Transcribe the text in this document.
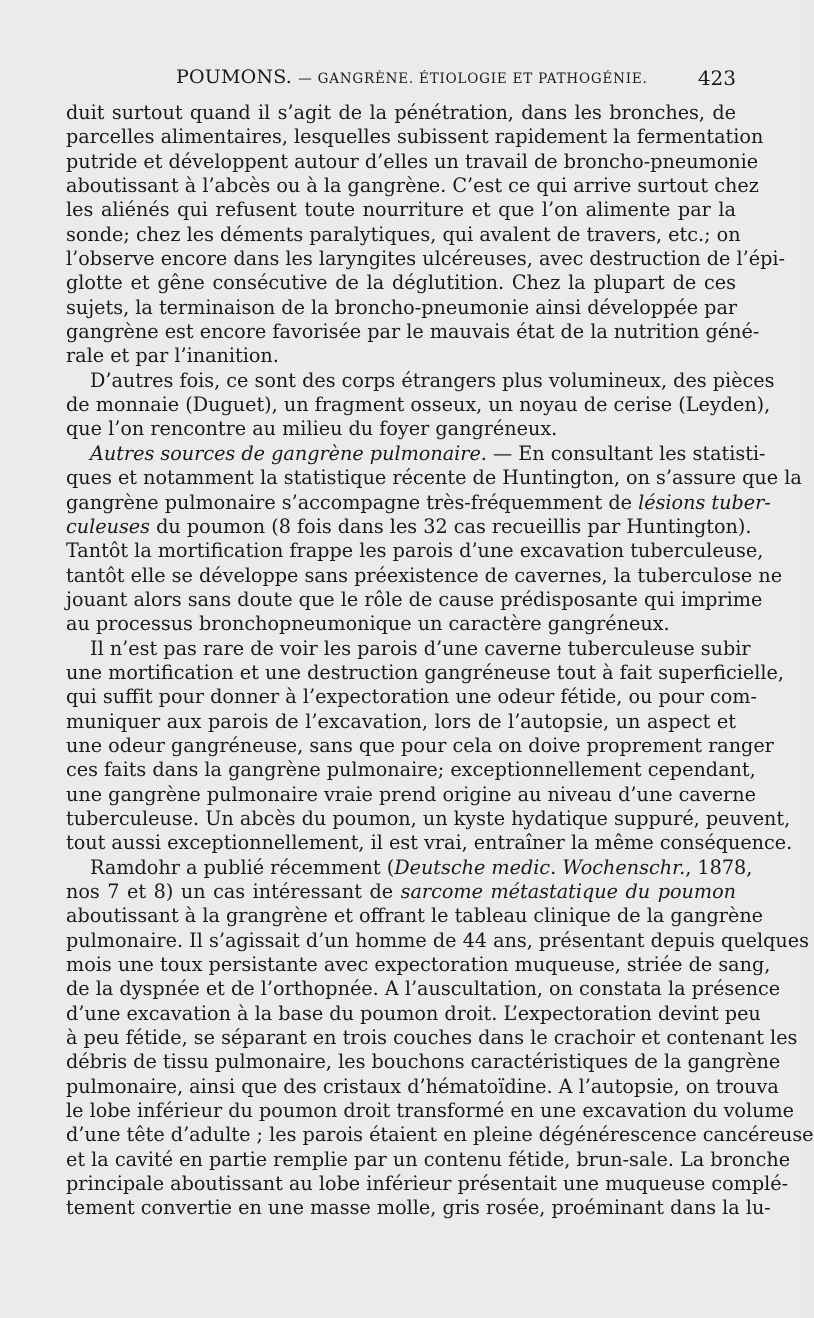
POUMONS. — GANGRÈNE. ÉTIOLOGIE ET PATHOGÉNIE.	423
duit surtout quand il s’agit de la pénétration, dans les bronches, de
parcelles alimentaires, lesquelles subissent rapidement la fermentation
putride et développent autour d’elles un travail de broncho-pneumonie
aboutissant à l’abcès ou à la gangrène. C’est ce qui arrive surtout chez
les aliénés qui refusent toute nourriture et que l’on alimente par la
sonde; chez les déments paralytiques, qui avalent de travers, etc.; on
l’observe encore dans les laryngites ulcéreuses, avec destruction de l’épi-
glotte et gêne consécutive de la déglutition. Chez la plupart de ces
sujets, la terminaison de la broncho-pneumonie ainsi développée par
gangrène est encore favorisée par le mauvais état de la nutrition géné-
rale et par l’inanition.
D’autres fois, ce sont des corps étrangers plus volumineux, des pièces
de monnaie (Duguet), un fragment osseux, un noyau de cerise (Leyden),
que l’on rencontre au milieu du foyer gangréneux.
Autres sources de gangrène pulmonaire. — En consultant les statisti-
ques et notamment la statistique récente de Huntington, on s’assure que la
gangrène pulmonaire s’accompagne très-fréquemment de lésions tuber-
culeuses du poumon (8 fois dans les 32 cas recueillis par Huntington).
Tantôt la mortification frappe les parois d’une excavation tuberculeuse,
tantôt elle se développe sans préexistence de cavernes, la tuberculose ne
jouant alors sans doute que le rôle de cause prédisposante qui imprime
au processus bronchopneumonique un caractère gangréneux.
Il n’est pas rare de voir les parois d’une caverne tuberculeuse subir
une mortification et une destruction gangréneuse tout à fait superficielle,
qui suffit pour donner à l’expectoration une odeur fétide, ou pour com-
muniquer aux parois de l’excavation, lors de l’autopsie, un aspect et
une odeur gangréneuse, sans que pour cela on doive proprement ranger
ces faits dans la gangrène pulmonaire; exceptionnellement cependant,
une gangrène pulmonaire vraie prend origine au niveau d’une caverne
tuberculeuse. Un abcès du poumon, un kyste hydatique suppuré, peuvent,
tout aussi exceptionnellement, il est vrai, entraîner la même conséquence.
Ramdohr a publié récemment (Deutsche medic. Wochenschr., 1878,
nos 7 et 8) un cas intéressant de sarcome métastatique du poumon
aboutissant à la grangrène et offrant le tableau clinique de la gangrène
pulmonaire. Il s’agissait d’un homme de 44 ans, présentant depuis quelques
mois une toux persistante avec expectoration muqueuse, striée de sang,
de la dyspnée et de l’orthopnée. A l’auscultation, on constata la présence
d’une excavation à la base du poumon droit. L’expectoration devint peu
à peu fétide, se séparant en trois couches dans le crachoir et contenant les
débris de tissu pulmonaire, les bouchons caractéristiques de la gangrène
pulmonaire, ainsi que des cristaux d’hématoïdine. A l’autopsie, on trouva
le lobe inférieur du poumon droit transformé en une excavation du volume
d’une tête d’adulte ; les parois étaient en pleine dégénérescence cancéreuse
et la cavité en partie remplie par un contenu fétide, brun-sale. La bronche
principale aboutissant au lobe inférieur présentait une muqueuse complé-
tement convertie en une masse molle, gris rosée, proéminant dans la lu-
